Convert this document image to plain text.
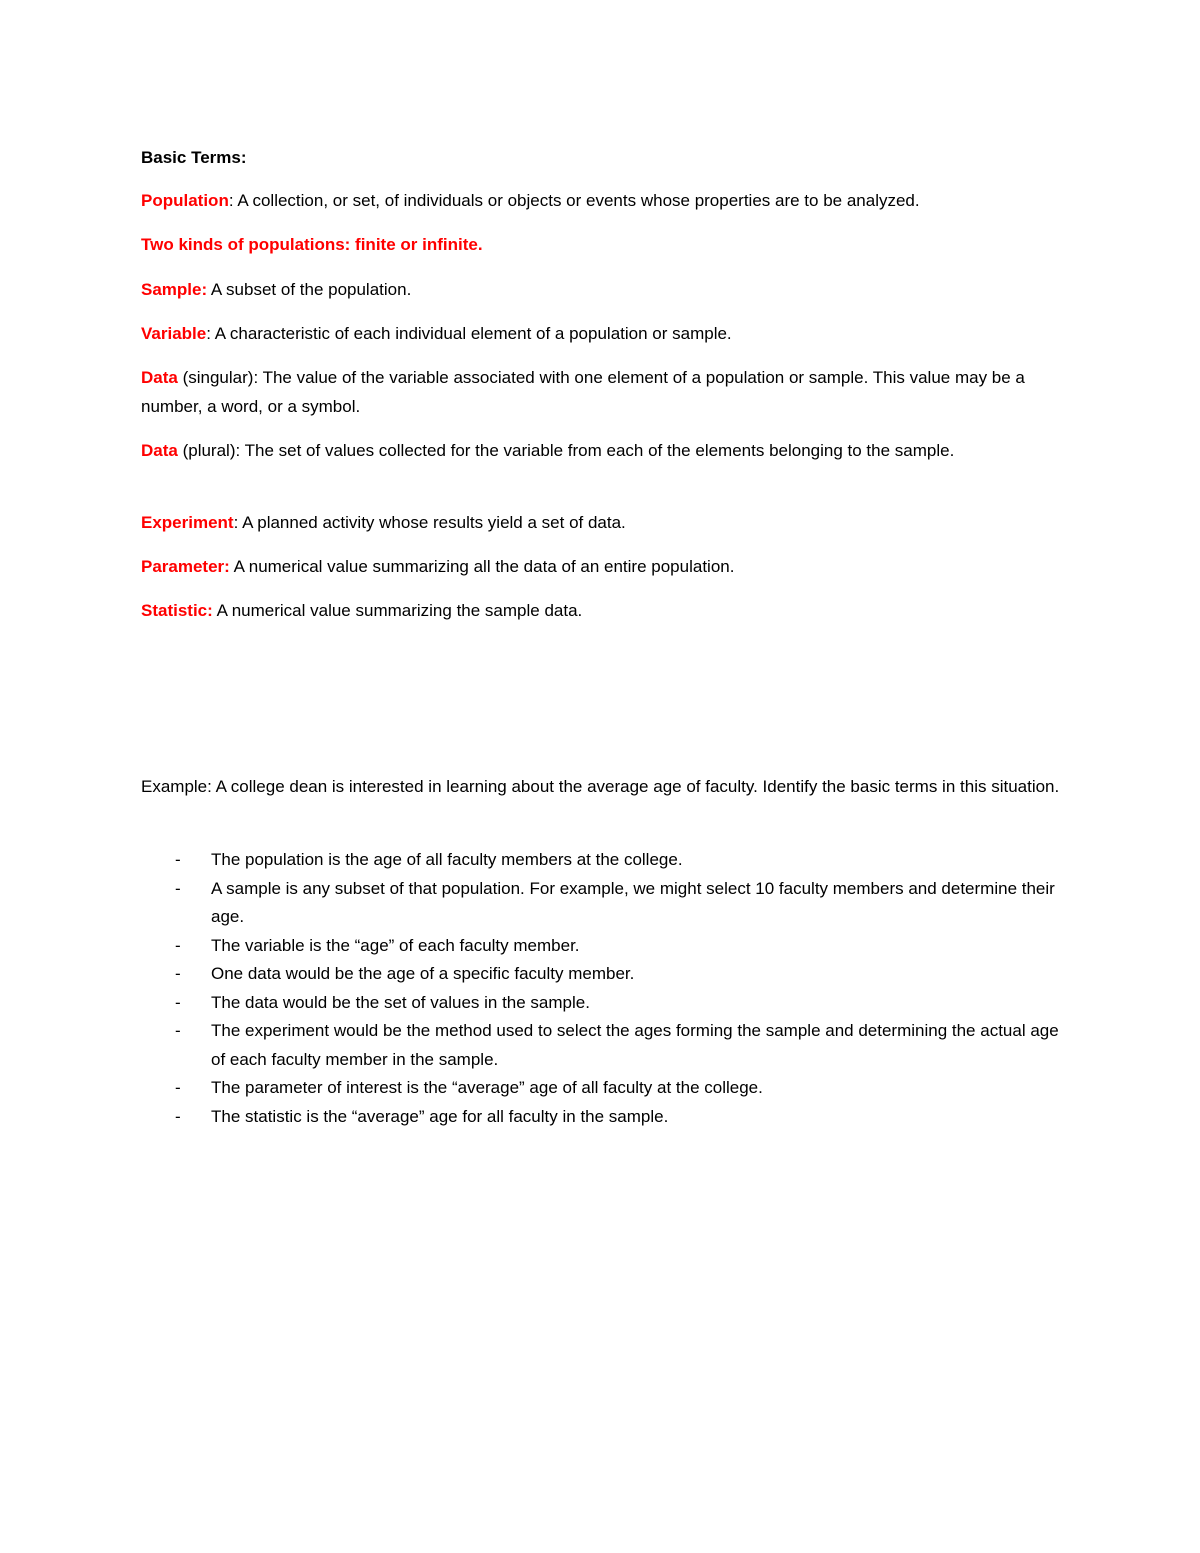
Basic Terms:

Population: A collection, or set, of individuals or objects or events whose properties are to be analyzed.

Two kinds of populations: finite or infinite.

Sample: A subset of the population.

Variable: A characteristic of each individual element of a population or sample.

Data (singular): The value of the variable associated with one element of a population or sample. This value may be a number, a word, or a symbol.

Data (plural): The set of values collected for the variable from each of the elements belonging to the sample.

Experiment: A planned activity whose results yield a set of data.

Parameter: A numerical value summarizing all the data of an entire population.

Statistic: A numerical value summarizing the sample data.

Example: A college dean is interested in learning about the average age of faculty. Identify the basic terms in this situation.

- The population is the age of all faculty members at the college.
- A sample is any subset of that population. For example, we might select 10 faculty members and determine their age.
- The variable is the “age” of each faculty member.
- One data would be the age of a specific faculty member.
- The data would be the set of values in the sample.
- The experiment would be the method used to select the ages forming the sample and determining the actual age of each faculty member in the sample.
- The parameter of interest is the “average” age of all faculty at the college.
- The statistic is the “average” age for all faculty in the sample.
